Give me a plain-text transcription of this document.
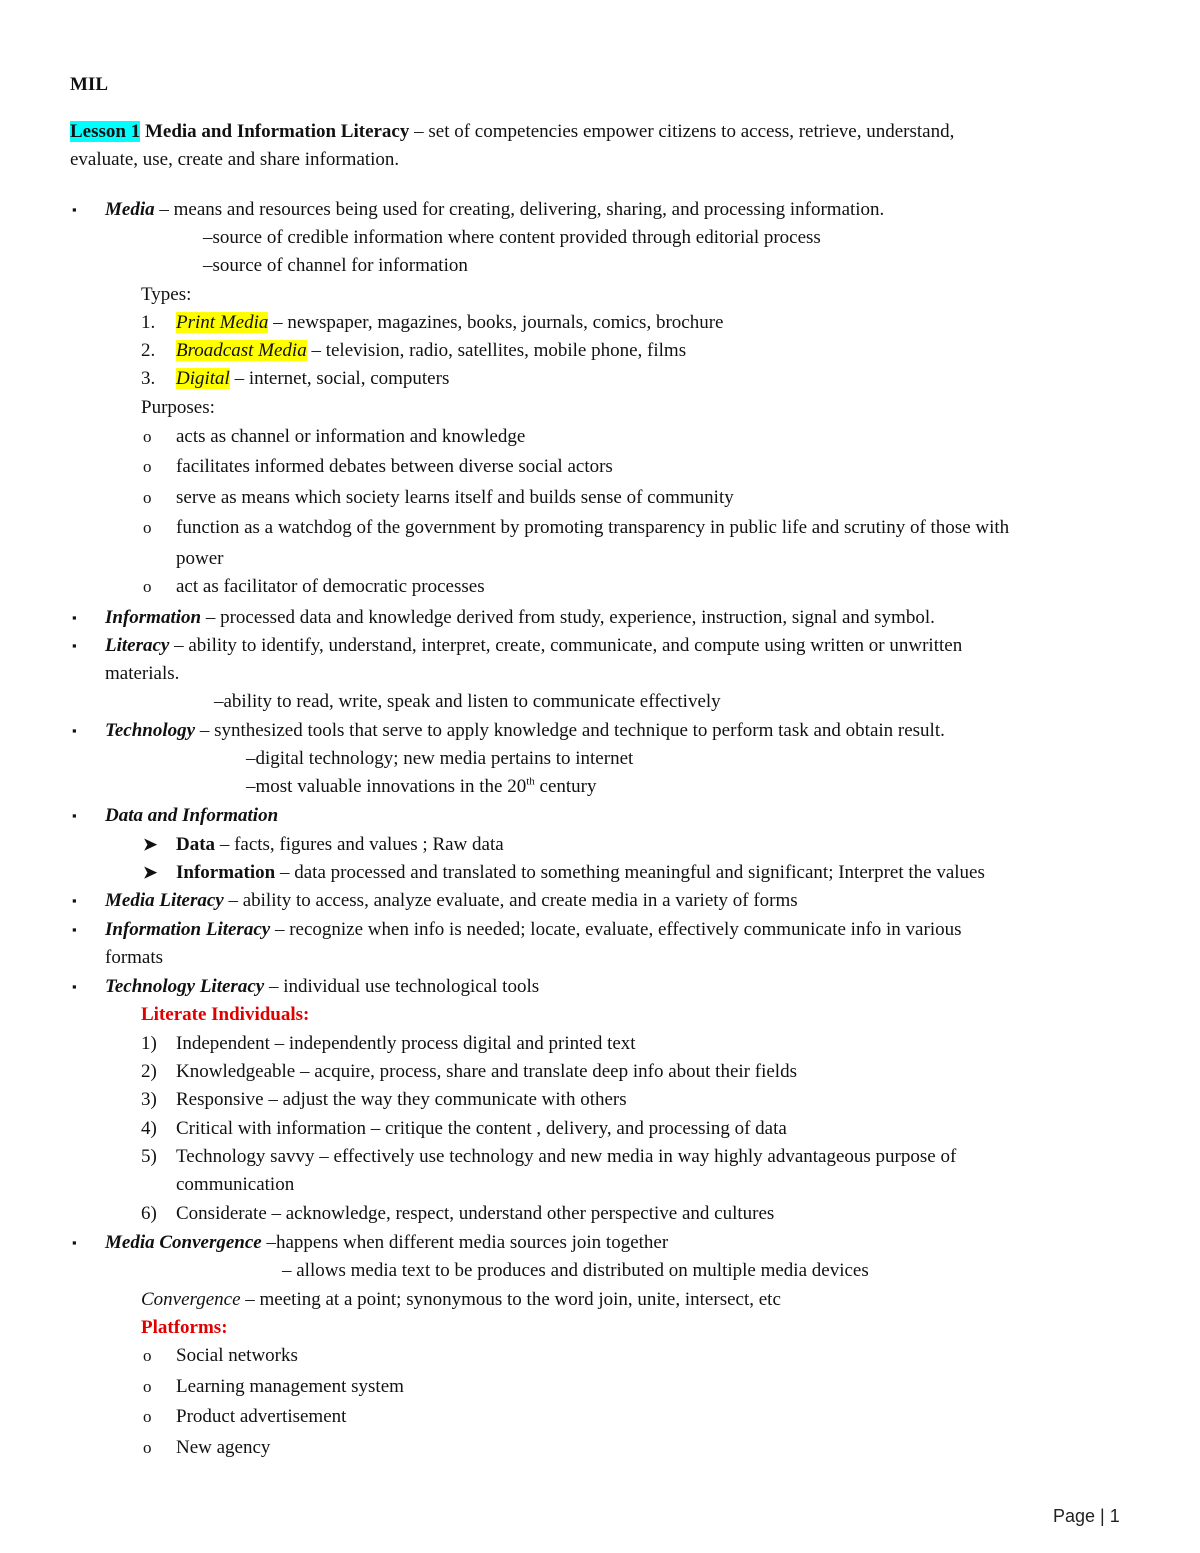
MIL
Lesson 1 Media and Information Literacy – set of competencies empower citizens to access, retrieve, understand,
evaluate, use, create and share information.
▪ Media – means and resources being used for creating, delivering, sharing, and processing information.
–source of credible information where content provided through editorial process
–source of channel for information
Types:
1. Print Media – newspaper, magazines, books, journals, comics, brochure
2. Broadcast Media – television, radio, satellites, mobile phone, films
3. Digital – internet, social, computers
Purposes:
o acts as channel or information and knowledge
o facilitates informed debates between diverse social actors
o serve as means which society learns itself and builds sense of community
o function as a watchdog of the government by promoting transparency in public life and scrutiny of those with
power
o act as facilitator of democratic processes
▪ Information – processed data and knowledge derived from study, experience, instruction, signal and symbol.
▪ Literacy – ability to identify, understand, interpret, create, communicate, and compute using written or unwritten
materials.
–ability to read, write, speak and listen to communicate effectively
▪ Technology – synthesized tools that serve to apply knowledge and technique to perform task and obtain result.
–digital technology; new media pertains to internet
–most valuable innovations in the 20th century
▪ Data and Information
➤ Data – facts, figures and values ; Raw data
➤ Information – data processed and translated to something meaningful and significant; Interpret the values
▪ Media Literacy – ability to access, analyze evaluate, and create media in a variety of forms
▪ Information Literacy – recognize when info is needed; locate, evaluate, effectively communicate info in various
formats
▪ Technology Literacy – individual use technological tools
Literate Individuals:
1) Independent – independently process digital and printed text
2) Knowledgeable – acquire, process, share and translate deep info about their fields
3) Responsive – adjust the way they communicate with others
4) Critical with information – critique the content , delivery, and processing of data
5) Technology savvy – effectively use technology and new media in way highly advantageous purpose of
communication
6) Considerate – acknowledge, respect, understand other perspective and cultures
▪ Media Convergence –happens when different media sources join together
– allows media text to be produces and distributed on multiple media devices
Convergence – meeting at a point; synonymous to the word join, unite, intersect, etc
Platforms:
o Social networks
o Learning management system
o Product advertisement
o New agency
Page | 1
